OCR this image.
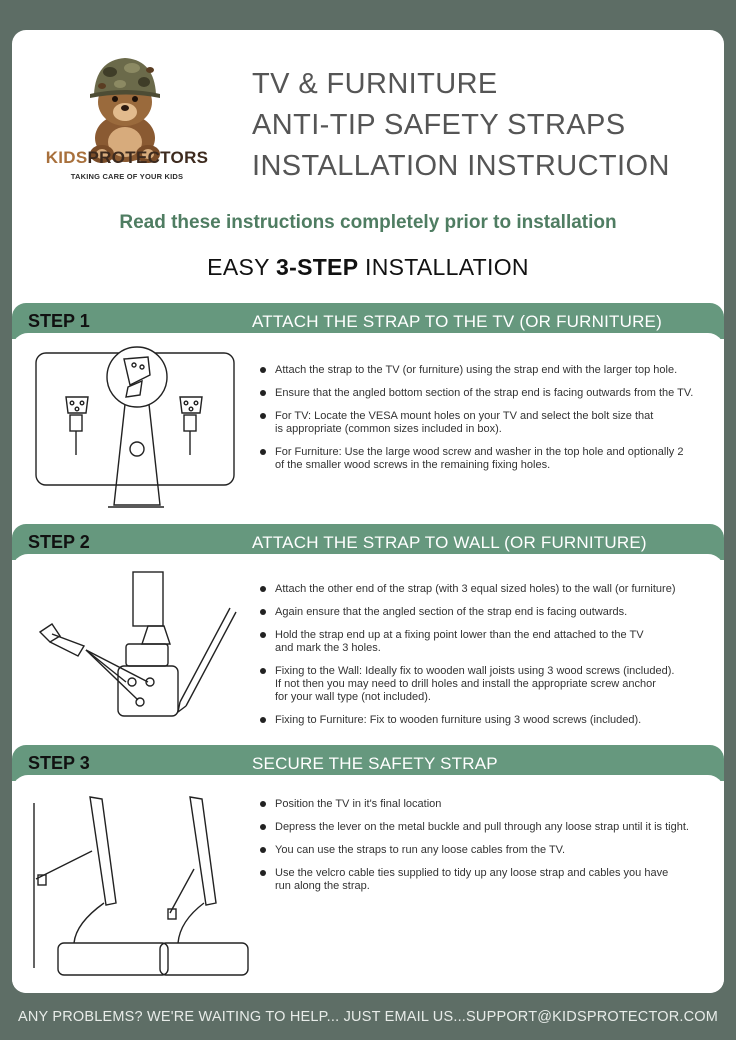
KIDSPROTECTORS
TAKING CARE OF YOUR KIDS
TV & FURNITURE
ANTI-TIP SAFETY STRAPS
INSTALLATION INSTRUCTION
Read these instructions completely prior to installation
EASY 3-STEP INSTALLATION
STEP 1	ATTACH THE STRAP TO THE TV (OR FURNITURE)
Attach the strap to the TV (or furniture) using the strap end with the larger top hole.
Ensure that the angled bottom section of the strap end is facing outwards from the TV.
For TV: Locate the VESA mount holes on your TV and select the bolt size that
is appropriate (common sizes included in box).
For Furniture: Use the large wood screw and washer in the top hole and optionally 2
of the smaller wood screws in the remaining fixing holes.
STEP 2	ATTACH THE STRAP TO WALL (OR FURNITURE)
Attach the other end of the strap (with 3 equal sized holes) to the wall (or furniture)
Again ensure that the angled section of the strap end is facing outwards.
Hold the strap end up at a fixing point lower than the end attached to the TV
and mark the 3 holes.
Fixing to the Wall: Ideally fix to wooden wall joists using 3 wood screws (included).
If not then you may need to drill holes and install the appropriate screw anchor
for your wall type (not included).
Fixing to Furniture: Fix to wooden furniture using 3 wood screws (included).
STEP 3	SECURE THE SAFETY STRAP
Position the TV in it's final location
Depress the lever on the metal buckle and pull through any loose strap until it is tight.
You can use the straps to run any loose cables from the TV.
Use the velcro cable ties supplied to tidy up any loose strap and cables you have
run along the strap.
ANY PROBLEMS? WE'RE WAITING TO HELP... JUST EMAIL US...SUPPORT@KIDSPROTECTOR.COM
